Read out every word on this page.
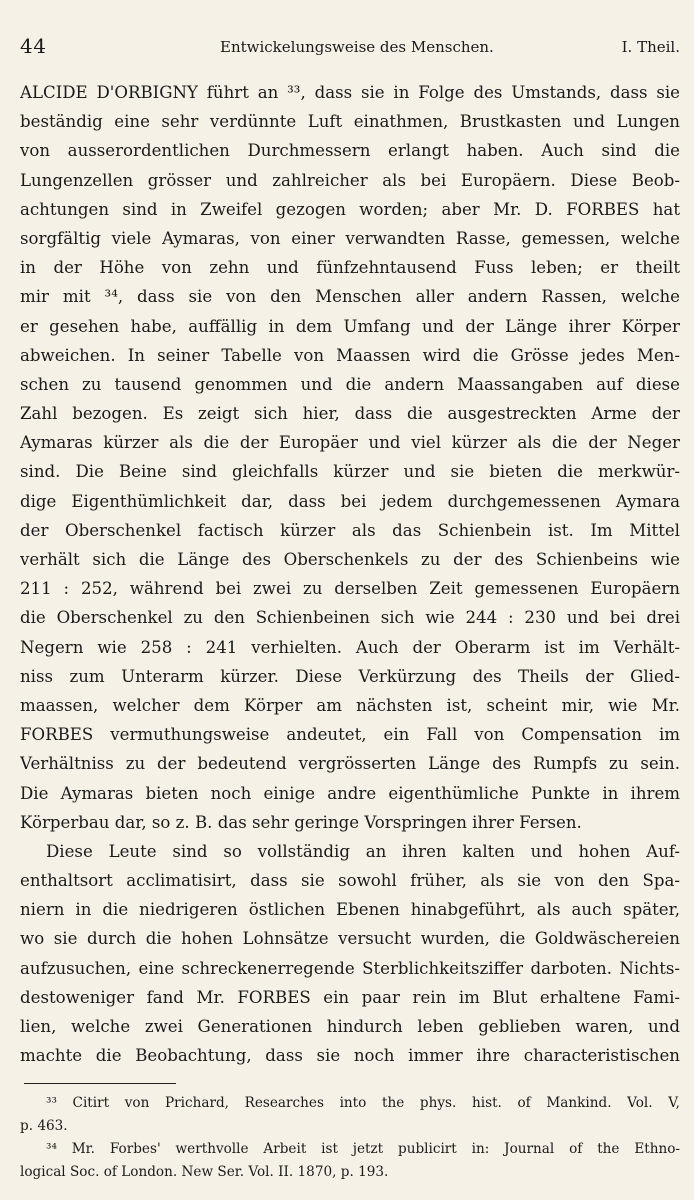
44	Entwickelungsweise des Menschen.	I. Theil.
ALCIDE D'ORBIGNY führt an ³³, dass sie in Folge des Umstands, dass sie
beständig eine sehr verdünnte Luft einathmen, Brustkasten und Lungen
von ausserordentlichen Durchmessern erlangt haben. Auch sind die
Lungenzellen grösser und zahlreicher als bei Europäern. Diese Beob-
achtungen sind in Zweifel gezogen worden; aber Mr. D. FORBES hat
sorgfältig viele Aymaras, von einer verwandten Rasse, gemessen, welche
in der Höhe von zehn und fünfzehntausend Fuss leben; er theilt
mir mit ³⁴, dass sie von den Menschen aller andern Rassen, welche
er gesehen habe, auffällig in dem Umfang und der Länge ihrer Körper
abweichen. In seiner Tabelle von Maassen wird die Grösse jedes Men-
schen zu tausend genommen und die andern Maassangaben auf diese
Zahl bezogen. Es zeigt sich hier, dass die ausgestreckten Arme der
Aymaras kürzer als die der Europäer und viel kürzer als die der Neger
sind. Die Beine sind gleichfalls kürzer und sie bieten die merkwür-
dige Eigenthümlichkeit dar, dass bei jedem durchgemessenen Aymara
der Oberschenkel factisch kürzer als das Schienbein ist. Im Mittel
verhält sich die Länge des Oberschenkels zu der des Schienbeins wie
211 : 252, während bei zwei zu derselben Zeit gemessenen Europäern
die Oberschenkel zu den Schienbeinen sich wie 244 : 230 und bei drei
Negern wie 258 : 241 verhielten. Auch der Oberarm ist im Verhält-
niss zum Unterarm kürzer. Diese Verkürzung des Theils der Glied-
maassen, welcher dem Körper am nächsten ist, scheint mir, wie Mr.
FORBES vermuthungsweise andeutet, ein Fall von Compensation im
Verhältniss zu der bedeutend vergrösserten Länge des Rumpfs zu sein.
Die Aymaras bieten noch einige andre eigenthümliche Punkte in ihrem
Körperbau dar, so z. B. das sehr geringe Vorspringen ihrer Fersen.
Diese Leute sind so vollständig an ihren kalten und hohen Auf-
enthaltsort acclimatisirt, dass sie sowohl früher, als sie von den Spa-
niern in die niedrigeren östlichen Ebenen hinabgeführt, als auch später,
wo sie durch die hohen Lohnsätze versucht wurden, die Goldwäschereien
aufzusuchen, eine schreckenerregende Sterblichkeitsziffer darboten. Nichts-
destoweniger fand Mr. FORBES ein paar rein im Blut erhaltene Fami-
lien, welche zwei Generationen hindurch leben geblieben waren, und
machte die Beobachtung, dass sie noch immer ihre characteristischen
³³ Citirt von Prichard, Researches into the phys. hist. of Mankind. Vol. V,
p. 463.
³⁴ Mr. Forbes' werthvolle Arbeit ist jetzt publicirt in: Journal of the Ethno-
logical Soc. of London. New Ser. Vol. II. 1870, p. 193.
